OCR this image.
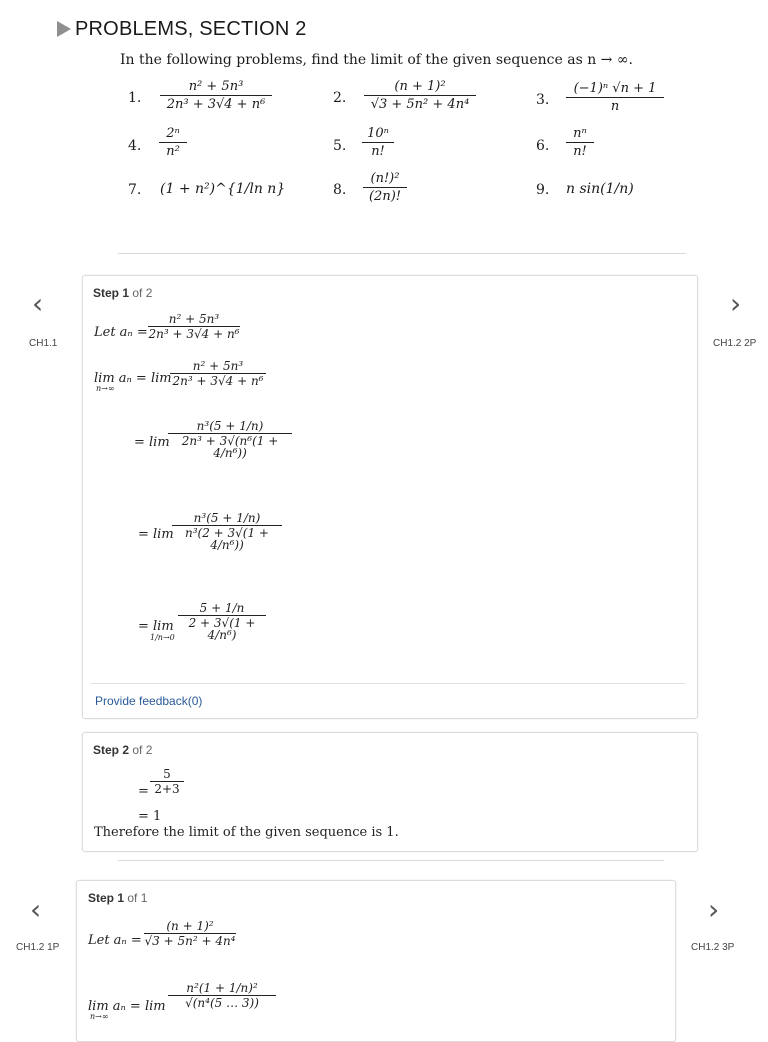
PROBLEMS, SECTION 2
In the following problems, find the limit of the given sequence as n → ∞.
1.
n² + 5n³
2n³ + 3√4 + n⁶	2.
(n + 1)²
√3 + 5n² + 4n⁴	3.
(−1)ⁿ √n + 1
n
4.
2ⁿ
n²	5.
10ⁿ
n!	6.
nⁿ
n!
7. (1 + n²)^{1/ln n}	8.
(n!)²
(2n)!	9. n sin(1/n)
‹
CH1.1
›
CH1.2 2P
Step 1 of 2
Let aₙ =
n² + 5n³
2n³ + 3√4 + n⁶
lim aₙ = lim
n→∞
n² + 5n³
2n³ + 3√4 + n⁶
= lim
n³(5 + 1/n)
2n³ + 3√(n⁶(1 + 4/n⁶))
= lim
n³(5 + 1/n)
n³(2 + 3√(1 + 4/n⁶))
= lim
1/n→0
5 + 1/n
2 + 3√(1 + 4/n⁶)
Provide feedback(0)
Step 2 of 2
=
5
2+3
= 1
Therefore the limit of the given sequence is 1.
‹
CH1.2 1P
›
CH1.2 3P
Step 1 of 1
Let aₙ =
(n + 1)²
√3 + 5n² + 4n⁴
lim aₙ = lim
n→∞
n²(1 + 1/n)²
√(n⁴(5 … 3))
